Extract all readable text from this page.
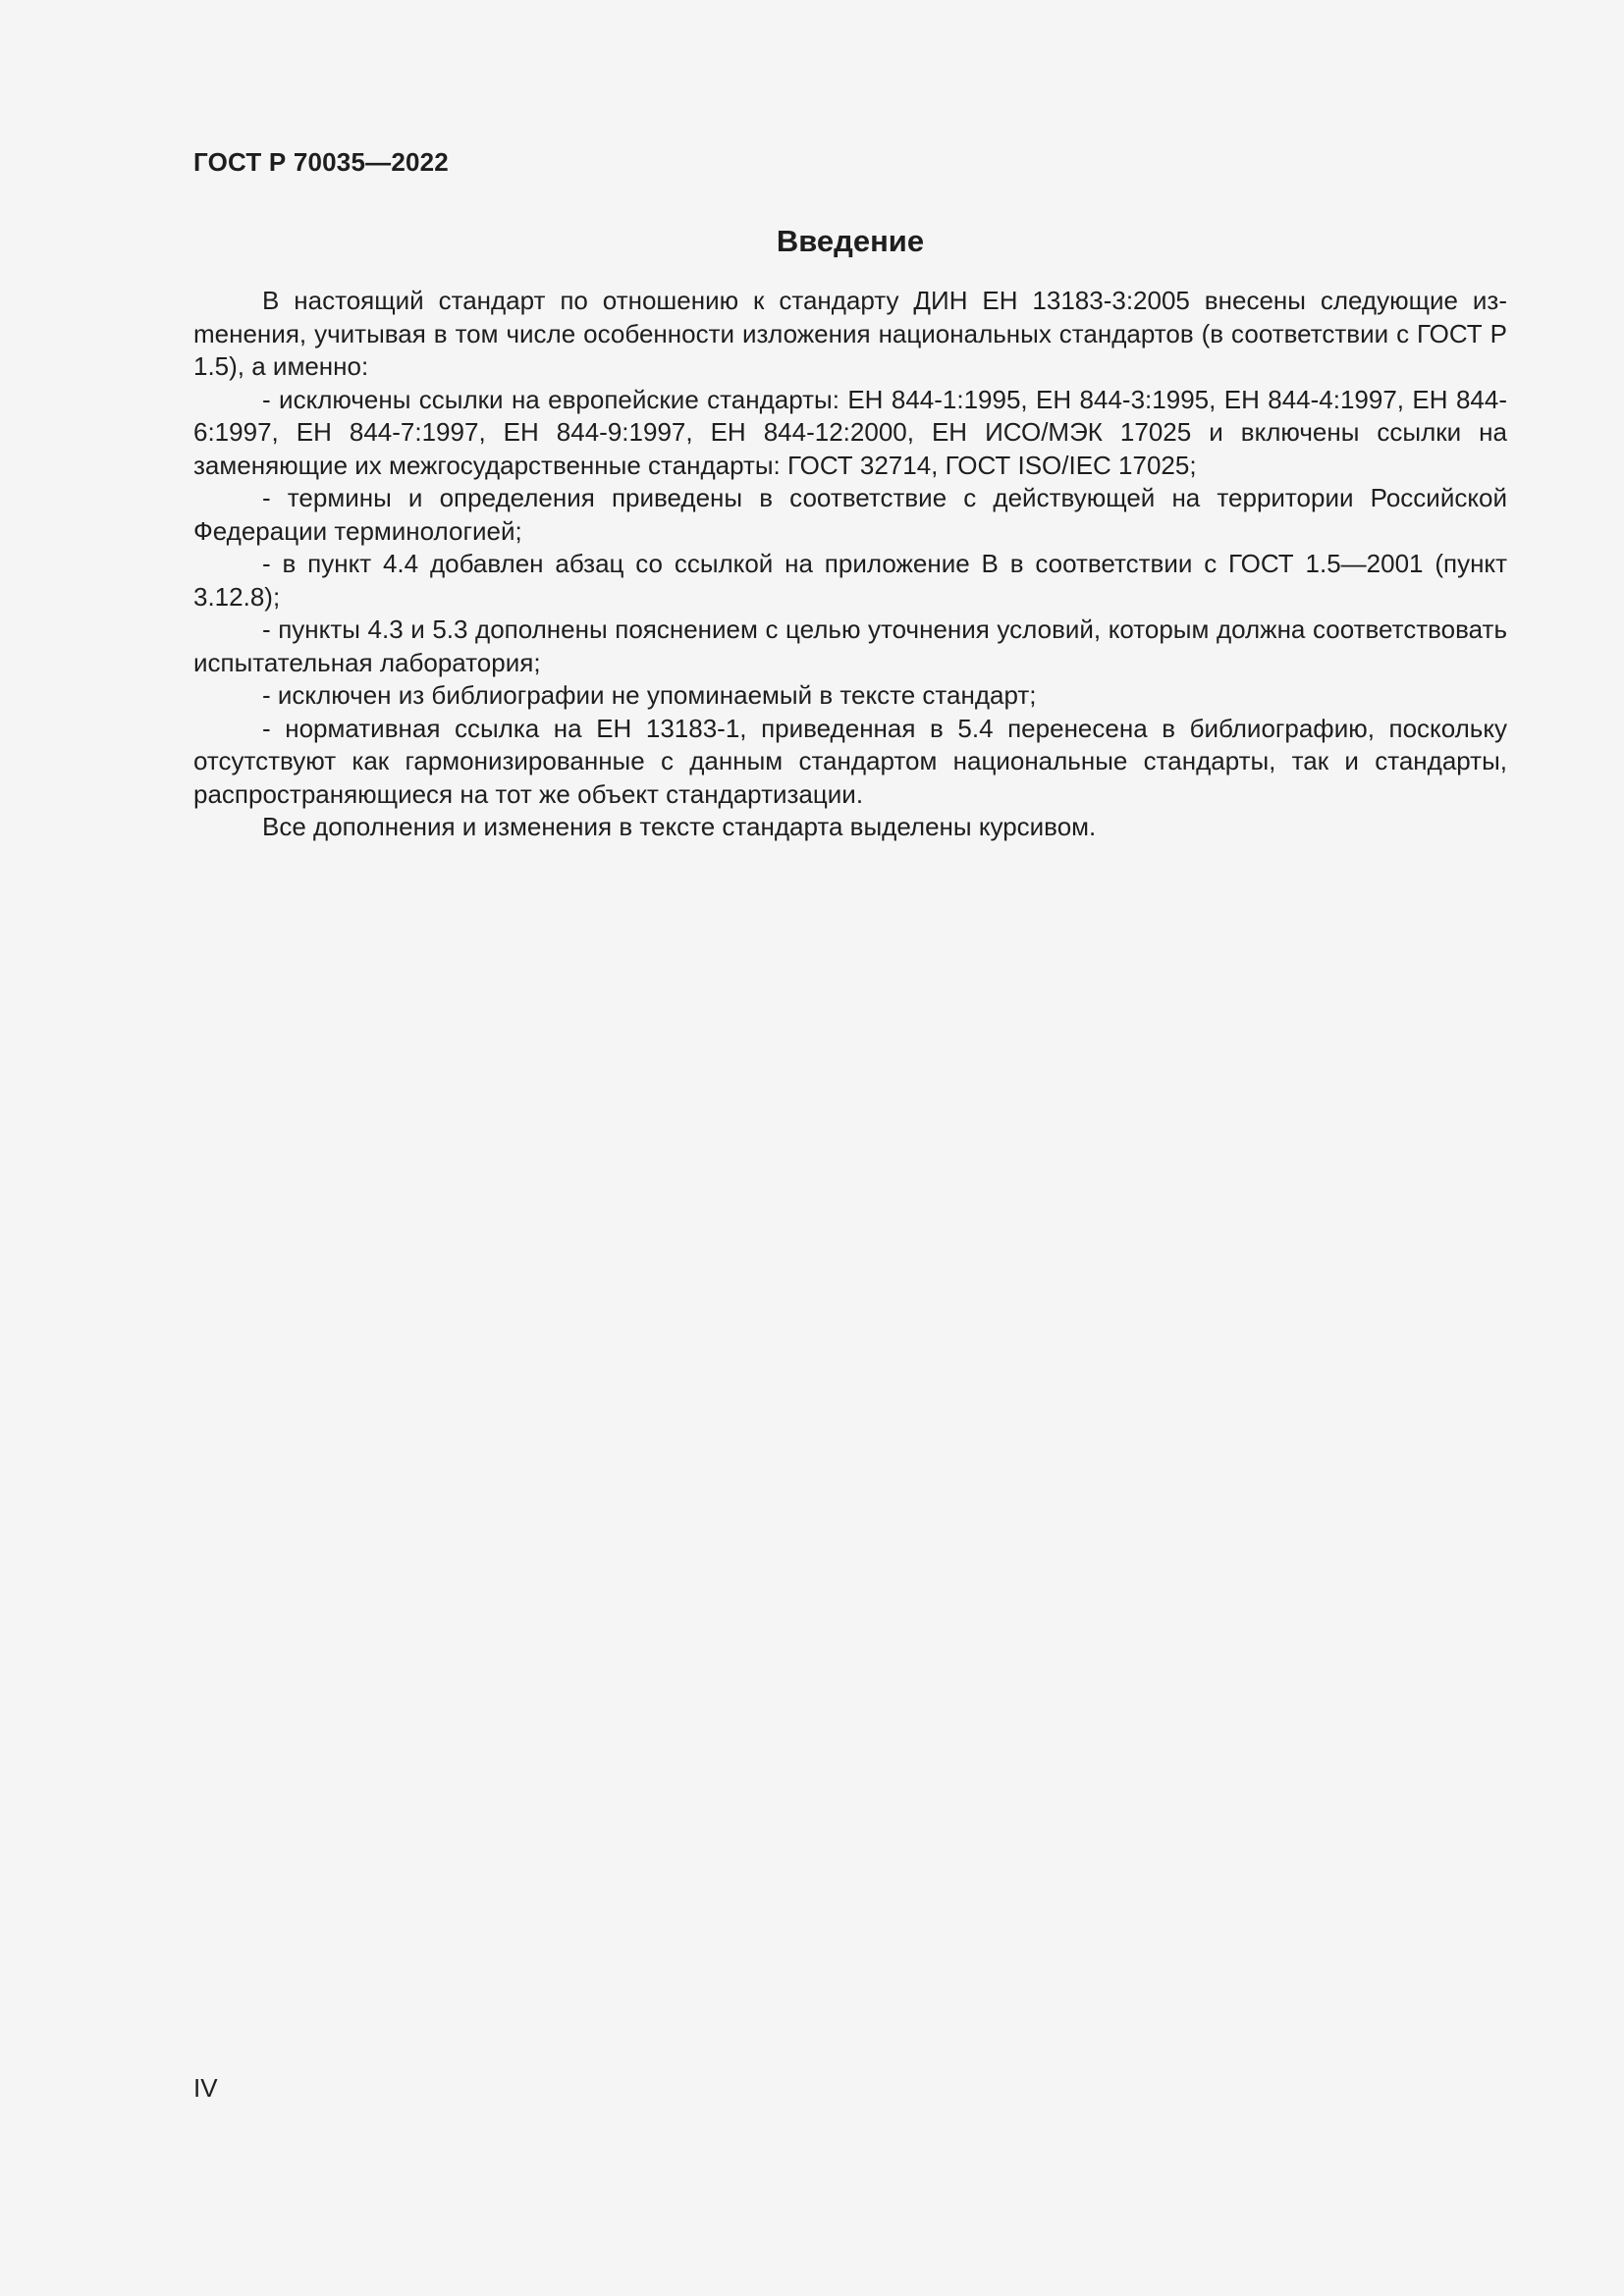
ГОСТ Р 70035—2022
Введение

В настоящий стандарт по отношению к стандарту ДИН ЕН 13183-3:2005 внесены следующие изmенения, учитывая в том числе особенности изложения национальных стандартов (в соответствии с ГОСТ Р 1.5), а именно:

- исключены ссылки на европейские стандарты: ЕН 844-1:1995, ЕН 844-3:1995, ЕН 844-4:1997, ЕН 844-6:1997, ЕН 844-7:1997, ЕН 844-9:1997, ЕН 844-12:2000, ЕН ИСО/МЭК 17025 и включены ссылки на заменяющие их межгосударственные стандарты: ГОСТ 32714, ГОСТ ISO/IEC 17025;

- термины и определения приведены в соответствие с действующей на территории Российской Федерации терминологией;

- в пункт 4.4 добавлен абзац со ссылкой на приложение В в соответствии с ГОСТ 1.5—2001 (пункт 3.12.8);

- пункты 4.3 и 5.3 дополнены пояснением с целью уточнения условий, которым должна соответствовать испытательная лаборатория;

- исключен из библиографии не упоминаемый в тексте стандарт;

- нормативная ссылка на ЕН 13183-1, приведенная в 5.4 перенесена в библиографию, поскольку отсутствуют как гармонизированные с данным стандартом национальные стандарты, так и стандарты, распространяющиеся на тот же объект стандартизации.

Все дополнения и изменения в тексте стандарта выделены курсивом.

IV
